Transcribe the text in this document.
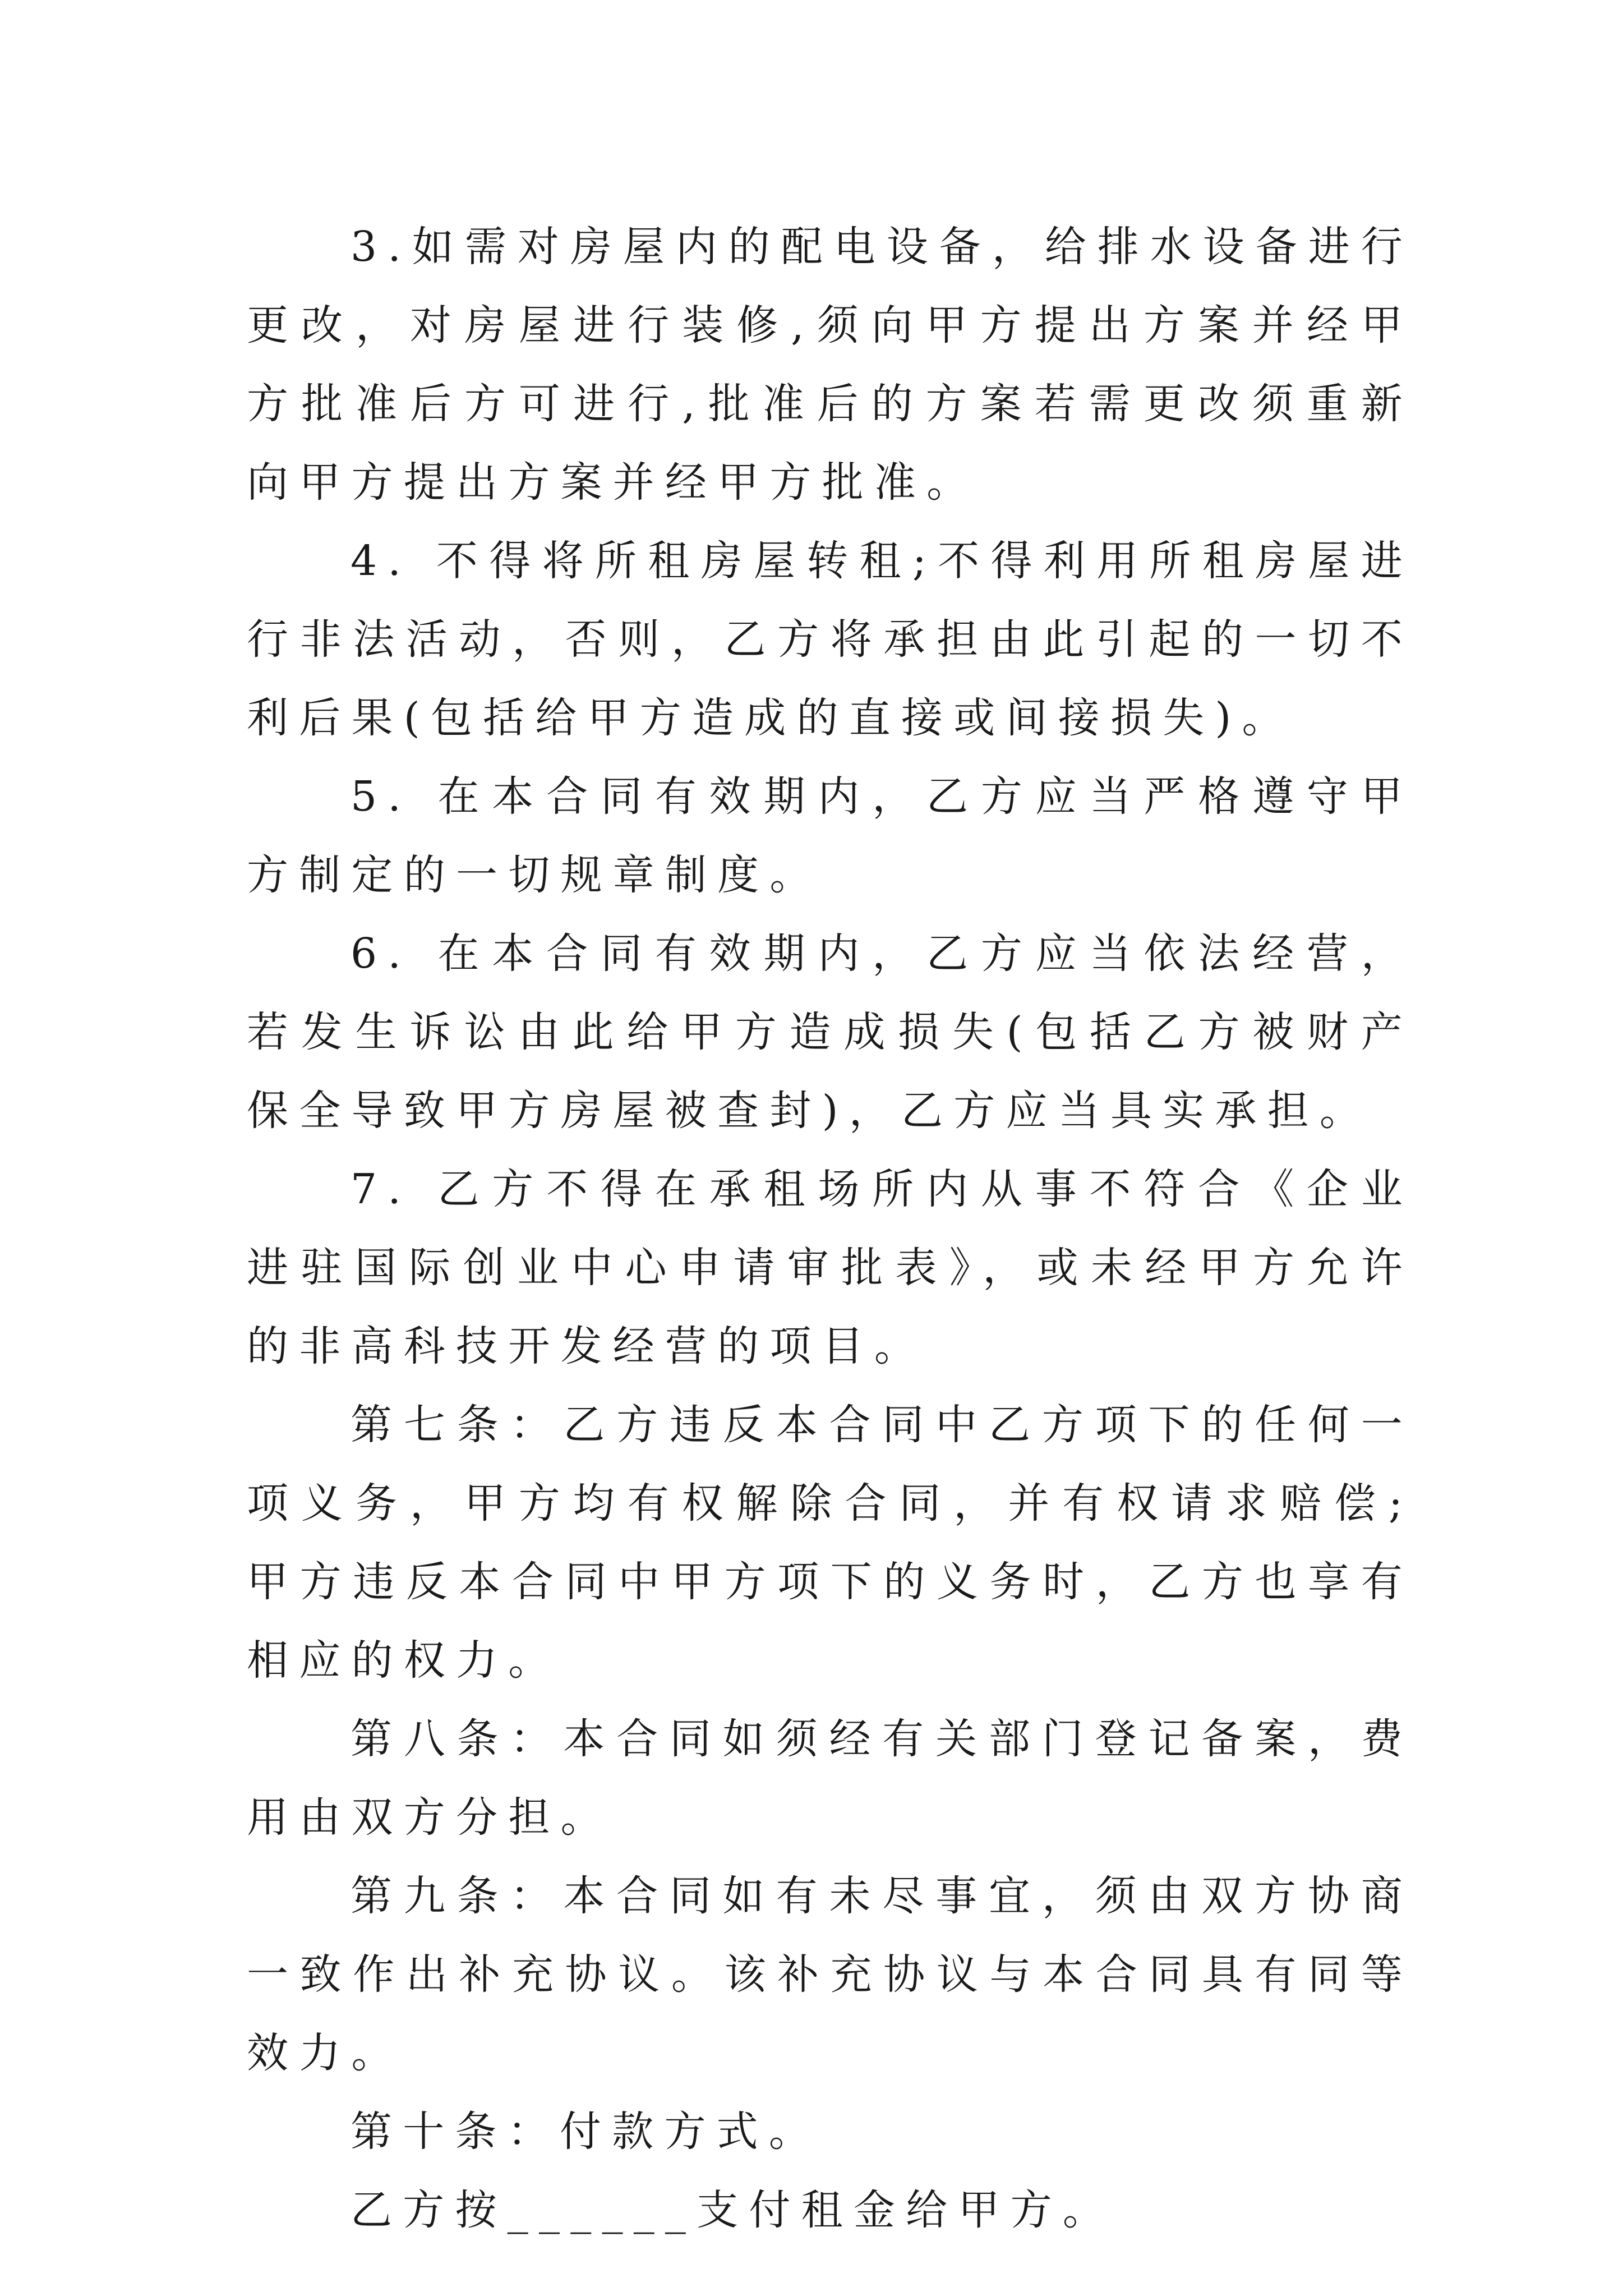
3.如需对房屋内的配电设备，给排水设备进行更改，对房屋进行装修,须向甲方提出方案并经甲方批准后方可进行,批准后的方案若需更改须重新向甲方提出方案并经甲方批准。

4. 不得将所租房屋转租;不得利用所租房屋进行非法活动，否则，乙方将承担由此引起的一切不利后果(包括给甲方造成的直接或间接损失)。

5. 在本合同有效期内，乙方应当严格遵守甲方制定的一切规章制度。

6. 在本合同有效期内，乙方应当依法经营，若发生诉讼由此给甲方造成损失(包括乙方被财产保全导致甲方房屋被查封)，乙方应当具实承担。

7. 乙方不得在承租场所内从事不符合《企业进驻国际创业中心申请审批表》，或未经甲方允许的非高科技开发经营的项目。

第七条：乙方违反本合同中乙方项下的任何一项义务，甲方均有权解除合同，并有权请求赔偿;甲方违反本合同中甲方项下的义务时，乙方也享有相应的权力。

第八条：本合同如须经有关部门登记备案，费用由双方分担。

第九条：本合同如有未尽事宜，须由双方协商一致作出补充协议。该补充协议与本合同具有同等效力。

第十条：付款方式。

乙方按______支付租金给甲方。
